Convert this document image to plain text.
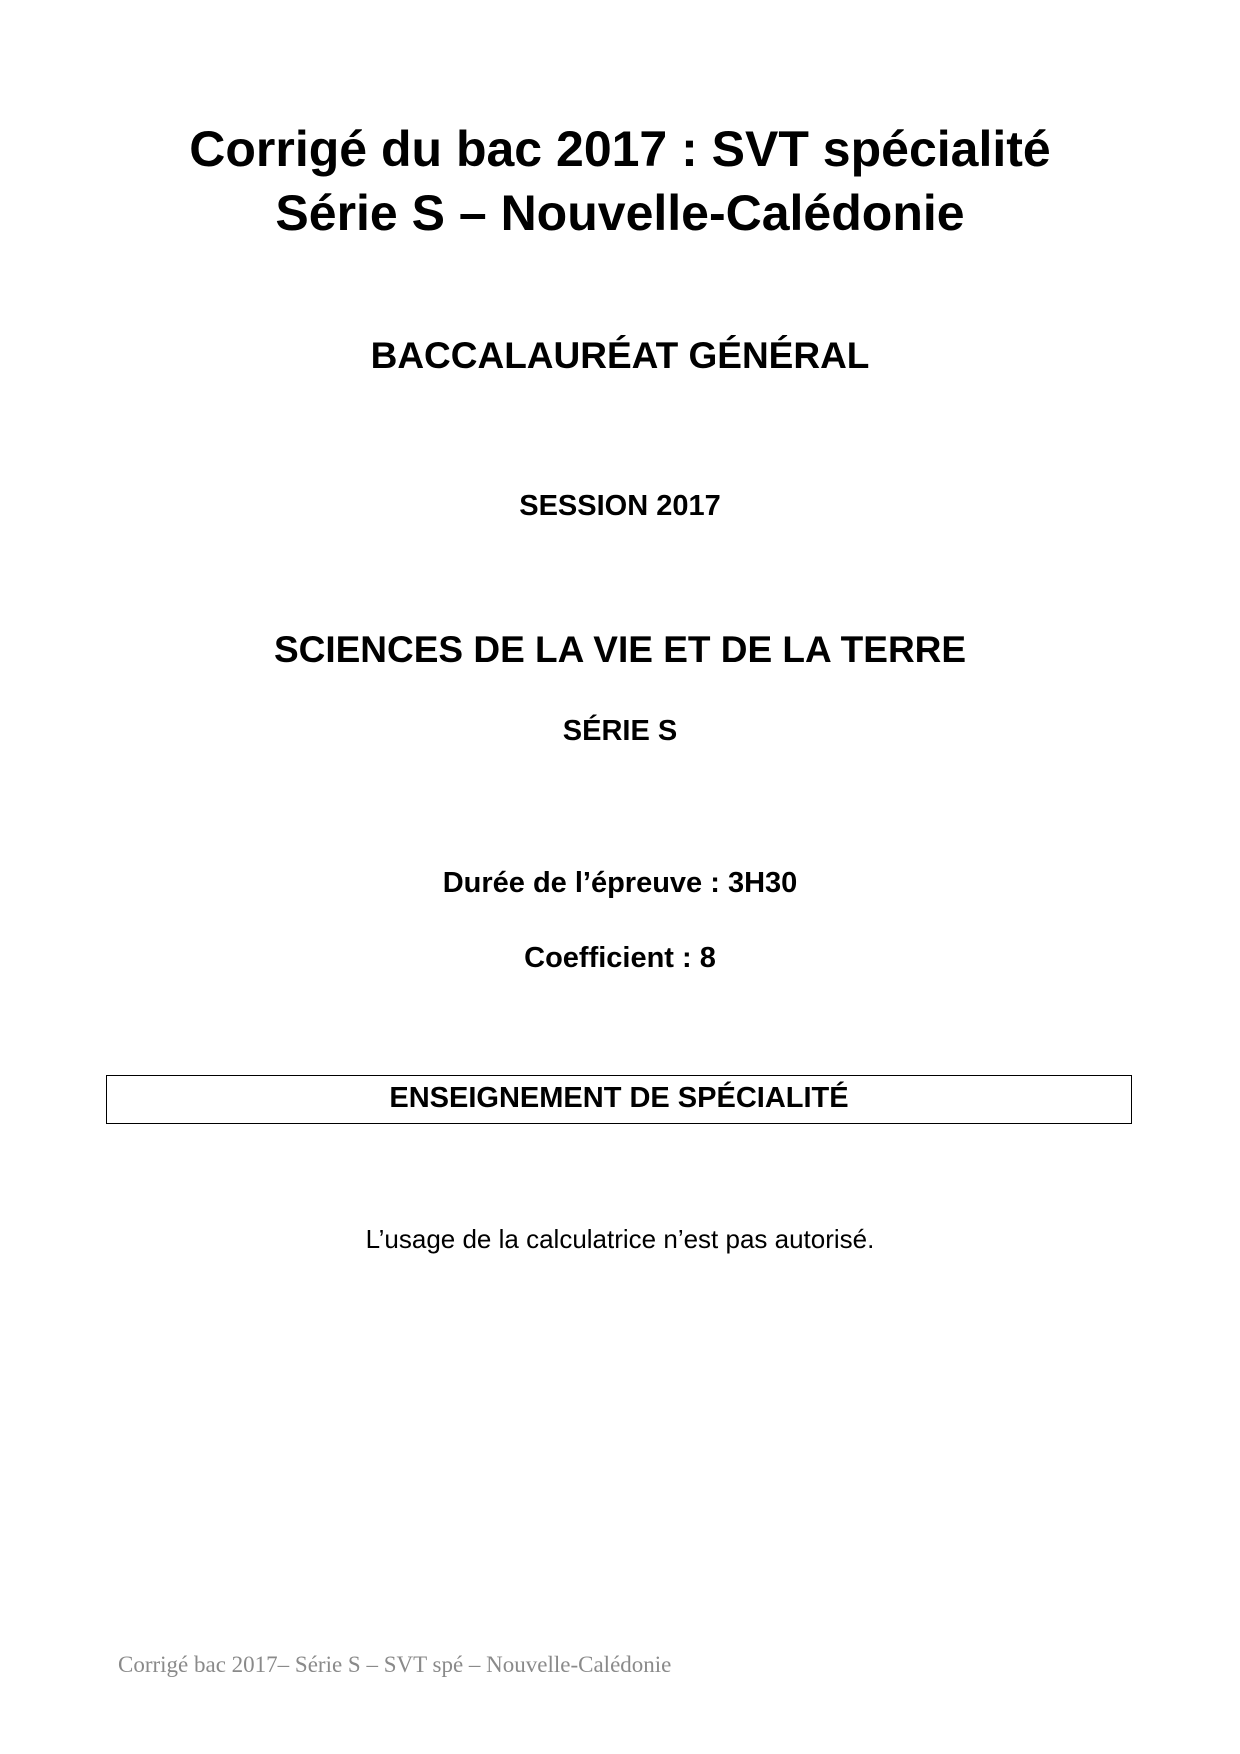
Corrigé du bac 2017 : SVT spécialité
Série S – Nouvelle-Calédonie
BACCALAURÉAT GÉNÉRAL
SESSION 2017
SCIENCES DE LA VIE ET DE LA TERRE
SÉRIE S
Durée de l’épreuve : 3H30
Coefficient : 8
ENSEIGNEMENT DE SPÉCIALITÉ
L’usage de la calculatrice n’est pas autorisé.
Corrigé bac 2017– Série S – SVT spé – Nouvelle-Calédonie
